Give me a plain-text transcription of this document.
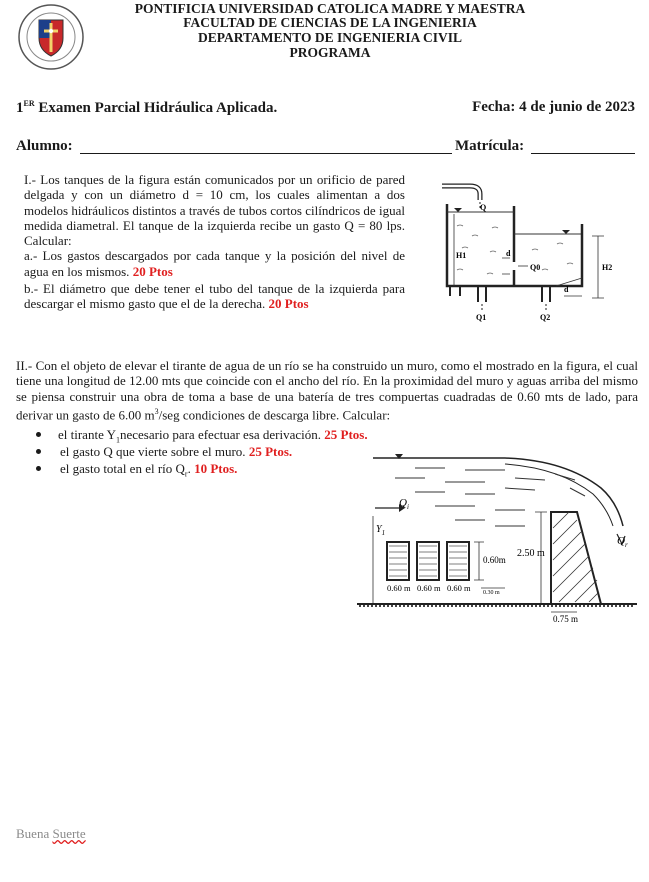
PONTIFICIA UNIVERSIDAD CATOLICA MADRE Y MAESTRA
FACULTAD DE CIENCIAS DE LA INGENIERIA
DEPARTAMENTO DE INGENIERIA CIVIL
PROGRAMA
1ER Examen Parcial Hidráulica Aplicada.	Fecha: 4 de junio de 2023
Alumno:	Matrícula:
I.- Los tanques de la figura están comunicados por un orificio de pared delgada y con un diámetro d = 10 cm, los cuales alimentan a dos modelos hidráulicos distintos a través de tubos cortos cilíndricos de igual medida diametral. El tanque de la izquierda recibe un gasto Q = 80 lps. Calcular:
a.- Los gastos descargados por cada tanque y la posición del nivel de agua en los mismos. 20 Ptos
b.- El diámetro que debe tener el tubo del tanque de la izquierda para descargar el mismo gasto que el de la derecha. 20 Ptos
Q
H1	d
Q0	H2
d
Q1	Q2
II.- Con el objeto de elevar el tirante de agua de un río se ha construido un muro, como el mostrado en la figura, el cual tiene una longitud de 12.00 mts que coincide con el ancho del río. En la proximidad del muro y aguas arriba del mismo se piensa construir una obra de toma a base de una batería de tres compuertas cuadradas de 0.60 mts de lado, para derivar un gasto de 6.00 $m^3$/seg condiciones de descarga libre. Calcular:
el tirante $Y_1necesario$ para efectuar esa derivación. 25 Ptos.
el gasto Q que vierte sobre el muro. 25 Ptos.
el gasto total en el río $Q_r$. 10 Ptos.
$Q_i$
$Y_1$
$Q_r$
0.60m
2.50 m
0.60 m 0.60 m 0.60 m 0.30 m
0.75 m
Buena Suerte
